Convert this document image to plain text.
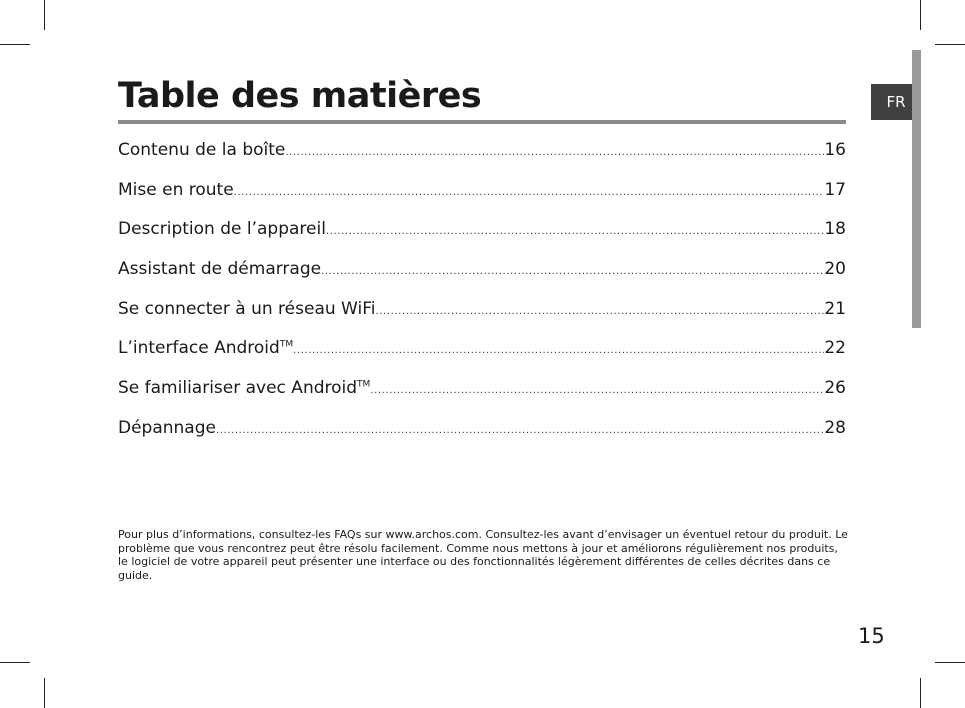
Table des matières
Contenu de la boîte .....	16
Mise en route .....	17
Description de l’appareil .....	18
Assistant de démarrage .....	20
Se connecter à un réseau WiFi .....	21
L’interface Android™ .....	22
Se familiariser avec Android™ .....	26
Dépannage .....	28

Pour plus d’informations, consultez-les FAQs sur www.archos.com. Consultez-les avant d’envisager un éventuel retour du produit. Le problème que vous rencontrez peut être résolu facilement. Comme nous mettons à jour et améliorons régulièrement nos produits, le logiciel de votre appareil peut présenter une interface ou des fonctionnalités légèrement différentes de celles décrites dans ce guide.

FR
15
